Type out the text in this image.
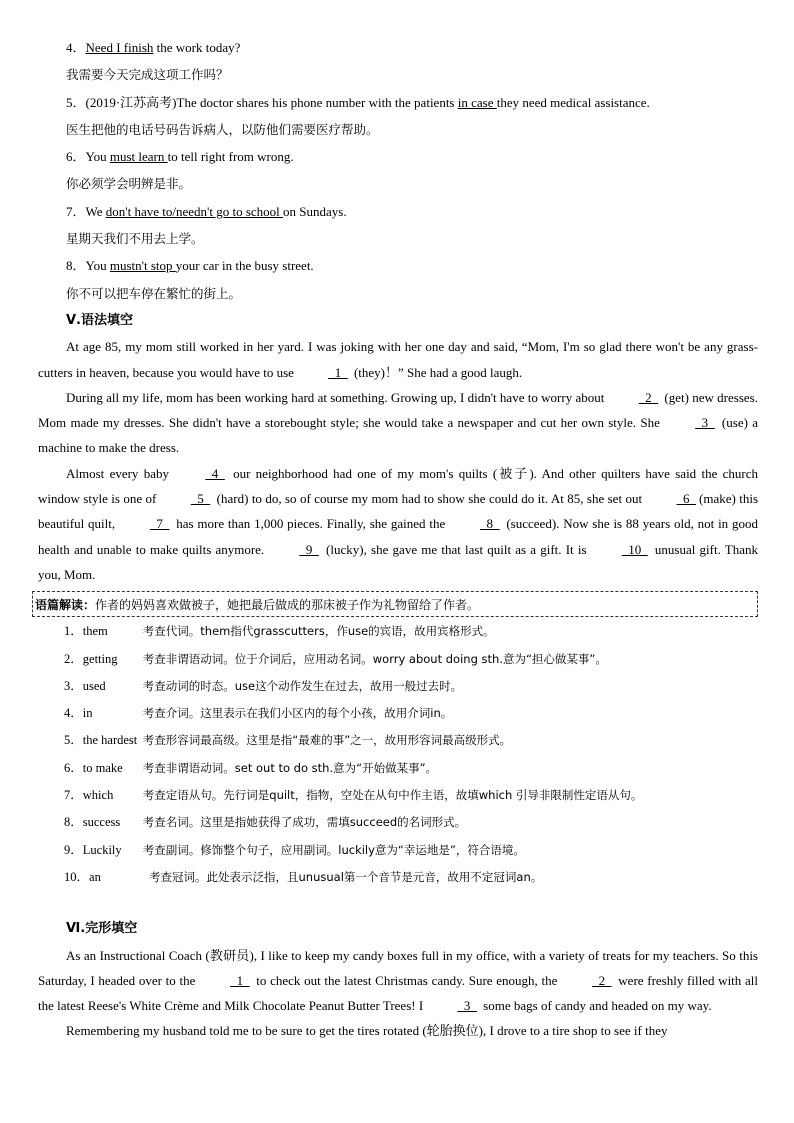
4．Need I finish the work today?
我需要今天完成这项工作吗？
5．(2019·江苏高考)The doctor shares his phone number with the patients in case they need medical assistance.
医生把他的电话号码告诉病人，以防他们需要医疗帮助。
6．You must learn to tell right from wrong.
你必须学会明辨是非。
7．We don't have to/needn't go to school on Sundays.
星期天我们不用去上学。
8．You mustn't stop your car in the busy street.
你不可以把车停在繁忙的街上。
Ⅴ.语法填空

At age 85, my mom still worked in her yard. I was joking with her one day and said, “Mom, I'm so glad there won't be any grasscutters in heaven, because you would have to use   1   (they)！” She had a good laugh.

During all my life, mom has been working hard at something. Growing up, I didn't have to worry about   2   (get) new dresses. Mom made my dresses. She didn't have a storebought style; she would take a newspaper and cut her own style. She   3   (use) a machine to make the dress.

Almost every baby   4   our neighborhood had one of my mom's quilts (被子). And other quilters have said the church window style is one of   5   (hard) to do, so of course my mom had to show she could do it. At 85, she set out   6  (make) this beautiful quilt,   7   has more than 1,000 pieces. Finally, she gained the   8   (succeed). Now she is 88 years old, not in good health and unable to make quilts anymore.   9   (lucky), she gave me that last quilt as a gift. It is   10   unusual gift. Thank you, Mom.

语篇解读：作者的妈妈喜欢做被子，她把最后做成的那床被子作为礼物留给了作者。
1．them	考查代词。them指代grasscutters，作use的宾语，故用宾格形式。
2．getting 考查非谓语动词。位于介词后，应用动名词。worry about doing sth.意为“担心做某事”。
3．used	考查动词的时态。use这个动作发生在过去，故用一般过去时。
4．in	考查介词。这里表示在我们小区内的每个小孩，故用介词in。
5．the hardest 考查形容词最高级。这里是指“最难的事”之一，故用形容词最高级形式。
6．to make 考查非谓语动词。set out to do sth.意为“开始做某事”。
7．which	考查定语从句。先行词是quilt，指物，空处在从句中作主语，故填which 引导非限制性定语从句。
8．success 考查名词。这里是指她获得了成功，需填succeed的名词形式。
9．Luckily 考查副词。修饰整个句子，应用副词。luckily意为“幸运地是”，符合语境。
10．an	考查冠词。此处表示泛指，且unusual第一个音节是元音，故用不定冠词an。
Ⅵ.完形填空

As an Instructional Coach (教研员), I like to keep my candy boxes full in my office, with a variety of treats for my teachers. So this Saturday, I headed over to the   1   to check out the latest Christmas candy. Sure enough, the   2   were freshly filled with all the latest Reese's White Crème and Milk Chocolate Peanut Butter Trees! I   3   some bags of candy and headed on my way.

Remembering my husband told me to be sure to get the tires rotated (轮胎换位), I drove to a tire shop to see if they
